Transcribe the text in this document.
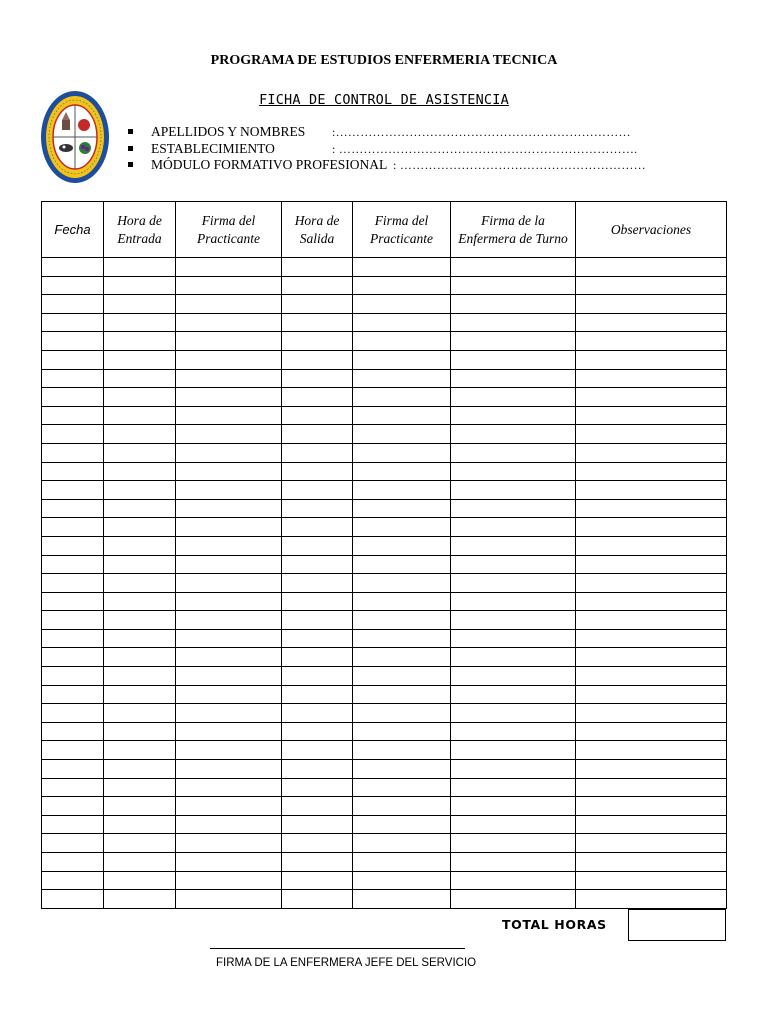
PROGRAMA DE ESTUDIOS ENFERMERIA TECNICA
FICHA DE CONTROL DE ASISTENCIA
APELLIDOS Y NOMBRES :………………………………………………………………
ESTABLECIMIENTO	: ……………………………………………………………….
MÓDULO FORMATIVO PROFESIONAL : ……………………………………………………
Fecha	Hora de Entrada	Firma del Practicante	Hora de Salida	Firma del Practicante	Firma de la Enfermera de Turno	Observaciones

TOTAL HORAS
FIRMA DE LA ENFERMERA JEFE DEL SERVICIO
